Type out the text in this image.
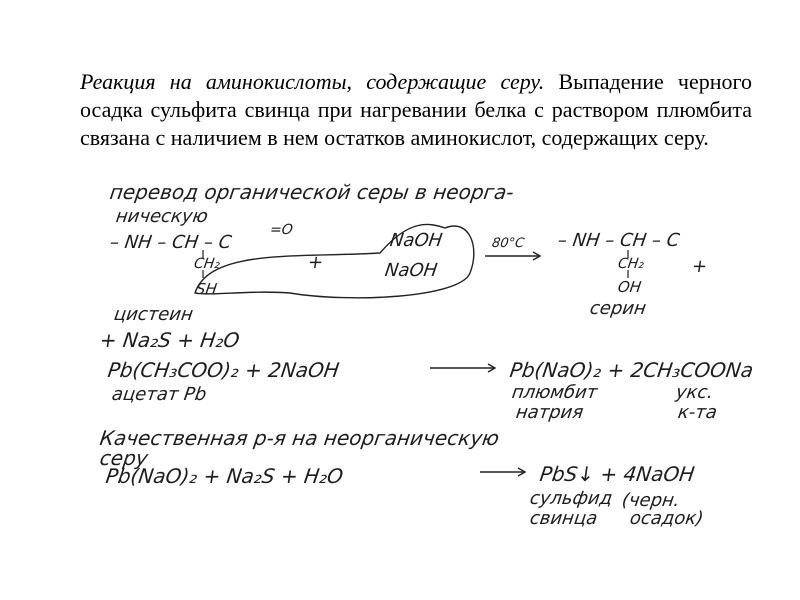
Реакция на аминокислоты, содержащие серу. Выпадение черного осадка сульфита свинца при нагревании белка с раствором плюмбита связана с наличием в нем остатков аминокислот, содержащих серу.

перевод органической серы в неорга-
ническую
– NH – CH – C
=O	NaOH	80°C – NH – CH – C
CH₂	+	NaOH	CH₂	+
SH	OH
цистеин	серин
+ Na₂S + H₂O
Pb(CH₃COO)₂ + 2NaOH	Pb(NaO)₂ + 2CH₃COONa
ацетат Pb	плюмбит	укс.
натрия	к-та
Качественная р-я на неорганическую
серу
Pb(NaO)₂ + Na₂S + H₂O	PbS↓ + 4NaOH
сульфид (черн.
свинца осадок)
